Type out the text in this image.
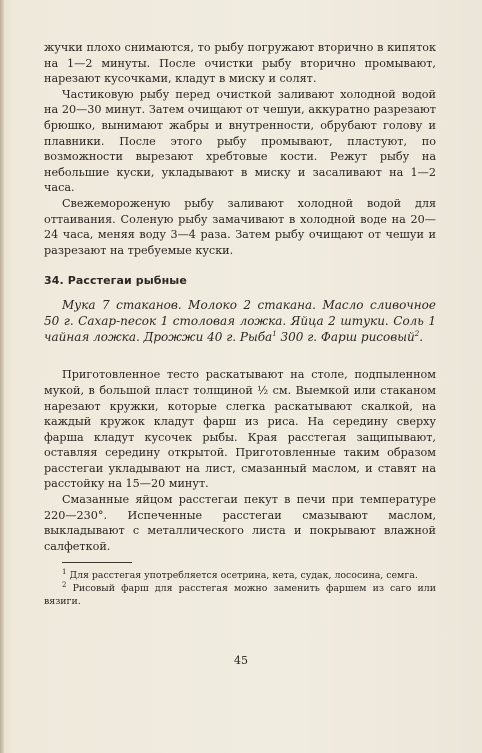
жучки плохо снимаются, то рыбу погружают вторично в кипяток на 1—2 минуты. После очистки рыбу вторично промывают, нарезают кусочками, кладут в миску и солят.

Частиковую рыбу перед очисткой заливают холодной водой на 20—30 минут. Затем очищают от чешуи, аккуратно разрезают брюшко, вынимают жабры и внутренности, обрубают голову и плавники. После этого рыбу промывают, пластуют, по возможности вырезают хребтовые кости. Режут рыбу на небольшие куски, укладывают в миску и засаливают на 1—2 часа.

Свежемороженую рыбу заливают холодной водой для оттаивания. Соленую рыбу замачивают в холодной воде на 20—24 часа, меняя воду 3—4 раза. Затем рыбу очищают от чешуи и разрезают на требуемые куски.

34. Расстегаи рыбные

Мука 7 стаканов. Молоко 2 стакана. Масло сливочное 50 г. Сахар-песок 1 столовая ложка. Яйца 2 штуки. Соль 1 чайная ложка. Дрожжи 40 г. Рыба$^1$ 300 г. Фарш рисовый$^2$.

Приготовленное тесто раскатывают на столе, подпыленном мукой, в большой пласт толщиной ½ см. Выемкой или стаканом нарезают кружки, которые слегка раскатывают скалкой, на каждый кружок кладут фарш из риса. На середину сверху фарша кладут кусочек рыбы. Края расстегая защипывают, оставляя середину открытой. Приготовленные таким образом расстегаи укладывают на лист, смазанный маслом, и ставят на расстойку на 15—20 минут.

Смазанные яйцом расстегаи пекут в печи при температуре 220—230°. Испеченные расстегаи смазывают маслом, выкладывают с металлического листа и покрывают влажной салфеткой.

$^1$ Для расстегая употребляется осетрина, кета, судак, лососина, семга.

$^2$ Рисовый фарш для расстегая можно заменить фаршем из саго или вязиги.

45
